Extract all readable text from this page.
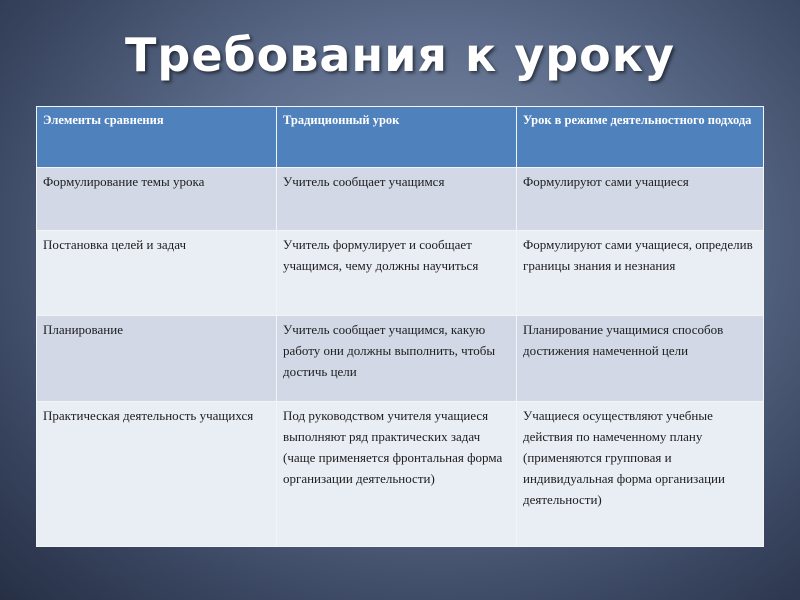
Требования к уроку
Элементы сравнения	Традиционный урок	Урок в режиме деятельностного подхода
Формулирование темы урока	Учитель сообщает учащимся	Формулируют сами учащиеся
Постановка целей и задач	Учитель формулирует и сообщает учащимся, чему должны научиться	Формулируют сами учащиеся, определив границы знания и незнания
Планирование	Учитель сообщает учащимся, какую работу они должны выполнить, чтобы достичь цели	Планирование учащимися способов достижения намеченной цели
Практическая деятельность учащихся	Под руководством учителя учащиеся выполняют ряд практических задач (чаще применяется фронтальная форма организации деятельности)	Учащиеся осуществляют учебные действия по намеченному плану (применяются групповая и индивидуальная форма организации деятельности)
